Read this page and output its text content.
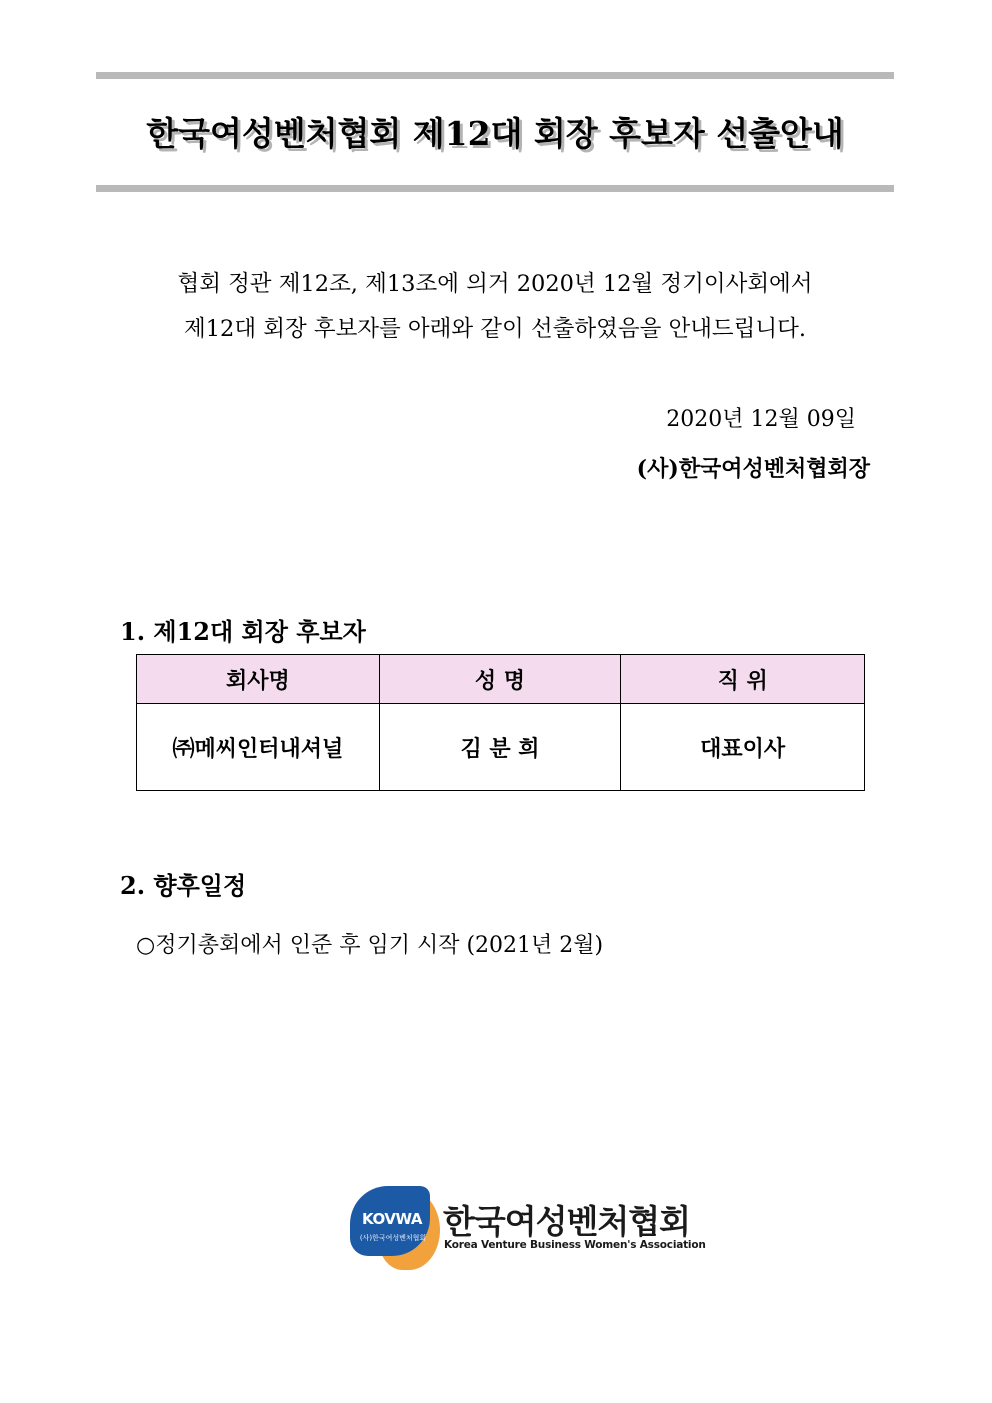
한국여성벤처협회 제12대 회장 후보자 선출안내
협회 정관 제12조, 제13조에 의거 2020년 12월 정기이사회에서
제12대 회장 후보자를 아래와 같이 선출하였음을 안내드립니다.
2020년 12월 09일
(사)한국여성벤처협회장
1. 제12대 회장 후보자
회사명	성 명	직 위
㈜메씨인터내셔널	김 분 희	대표이사
2. 향후일정
○정기총회에서 인준 후 임기 시작 (2021년 2월)
KOVWA
(사)한국여성벤처협회 한국여성벤처협회
Korea Venture Business Women's Association
